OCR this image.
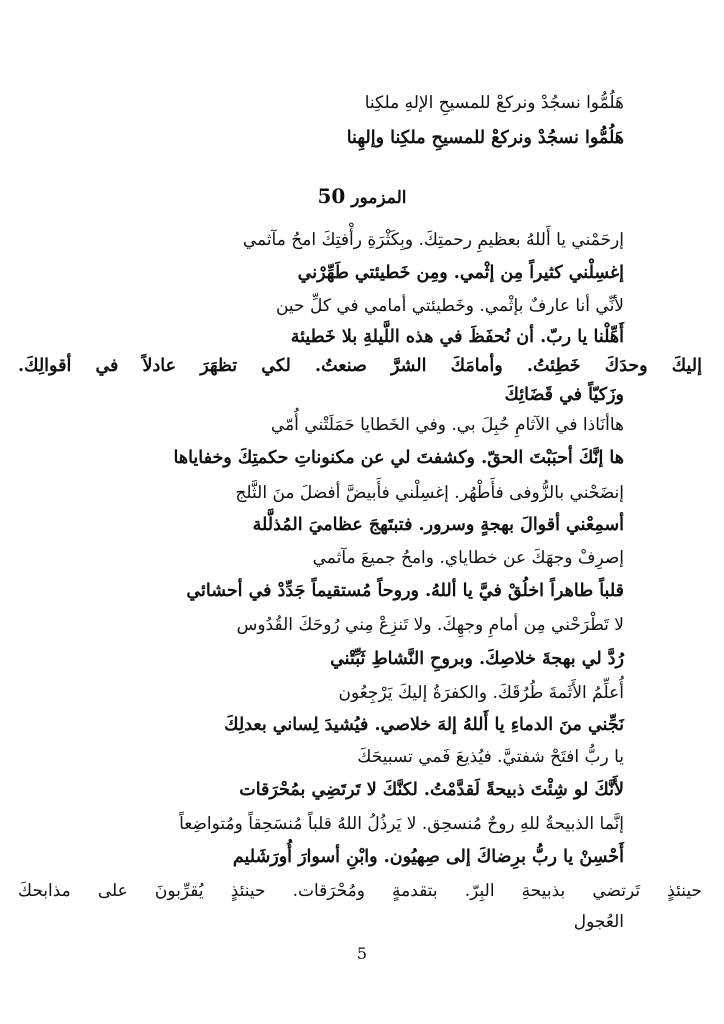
هَلُمُّوا نسجُدْ ونركعْ للمسيحِ الإلهِ ملكِنا
هَلُمُّوا نسجُدْ ونركعْ للمسيحِ ملكِنا وإلهِنا
المزمور 50
إرحَمْني يا أَللهُ بعظيمِ رحمتِكَ. وبِكَثْرَةِ رأْفتِكَ امحُ مآثمي
إغسِلْني كثيراً مِن إثْمي. ومِن خَطيئتي طَهِّرْني
لأنِّي أنا عارفٌ بإثْمي. وخَطيئتي أمامي في كلِّ حين
أَهِّلْنا يا ربّ. أن نُحفَظَ في هذه اللَّيلةِ بلا خَطيئة
إليكَ وحدَكَ خَطِئتُ. وأمامَكَ الشرَّ صنعتُ. لكي تظهَرَ عادلاً في أقوالِكَ.
وزَكيّاً في قَضَائِكَ
هاأنَاذا في الآثامِ حُبِلَ بي. وفي الخَطايا حَمَلَتْني أُمّي
ها إنَّكَ أحبَبْتَ الحقّ. وكشفتَ لي عن مكنوناتِ حكمتِكَ وخفاياها
إنضَحْني بالزُّوفى فأَطْهُر. إغسِلْني فأَبيضَّ أفضلَ منَ الثَّلج
أسمِعْني أقوالَ بهجةٍ وسرور. فتبتَهجَ عظاميَ المُذلَّلة
إصرِفْ وجهَكَ عن خطاياي. وامحُ جميعَ مآثمي
قلباً طاهراً اخلُقْ فيَّ يا أللهُ. وروحاً مُستقيماً جَدِّدْ في أحشائي
لا تَطْرَحْني مِن أمامِ وجهِكَ. ولا تَنزِعْ مِني رُوحَكَ القُدُوس
رُدَّ لي بهجةَ خلاصِكَ. وبروحِ النَّشاطِ ثَبِّتْني
أُعلِّمُ الأَثَمةَ طُرُقَكَ. والكفرَةُ إليكَ يَرْجِعُون
نَجِّني منَ الدماءِ يا أَللهُ إلهَ خلاصي. فيُشيدَ لِساني بعدلِكَ
يا ربُّ افتَحْ شفتيَّ. فيُذيعَ فَمي تسبيحَكَ
لأَنَّكَ لو شِئْتَ ذبيحةً لَقدَّمْتُ. لكنَّكَ لا تَرتَضِي بمُحْرَقات
إنَّما الذبيحةُ للهِ روحٌ مُنسحِق. لا يَرذُلُ اللهُ قلباً مُنسَحِقاً ومُتواضِعاً
أَحْسِنْ يا ربُّ برِضاكَ إلى صِهيُون. وابْنِ أسوارَ أُورَشَليم
حينئذٍ تَرتضي بذبيحةِ البِرّ. بتقدمةٍ ومُحْرَقات. حينئذٍ يُقرِّبونَ على مذابحكَ
العُجول
5
